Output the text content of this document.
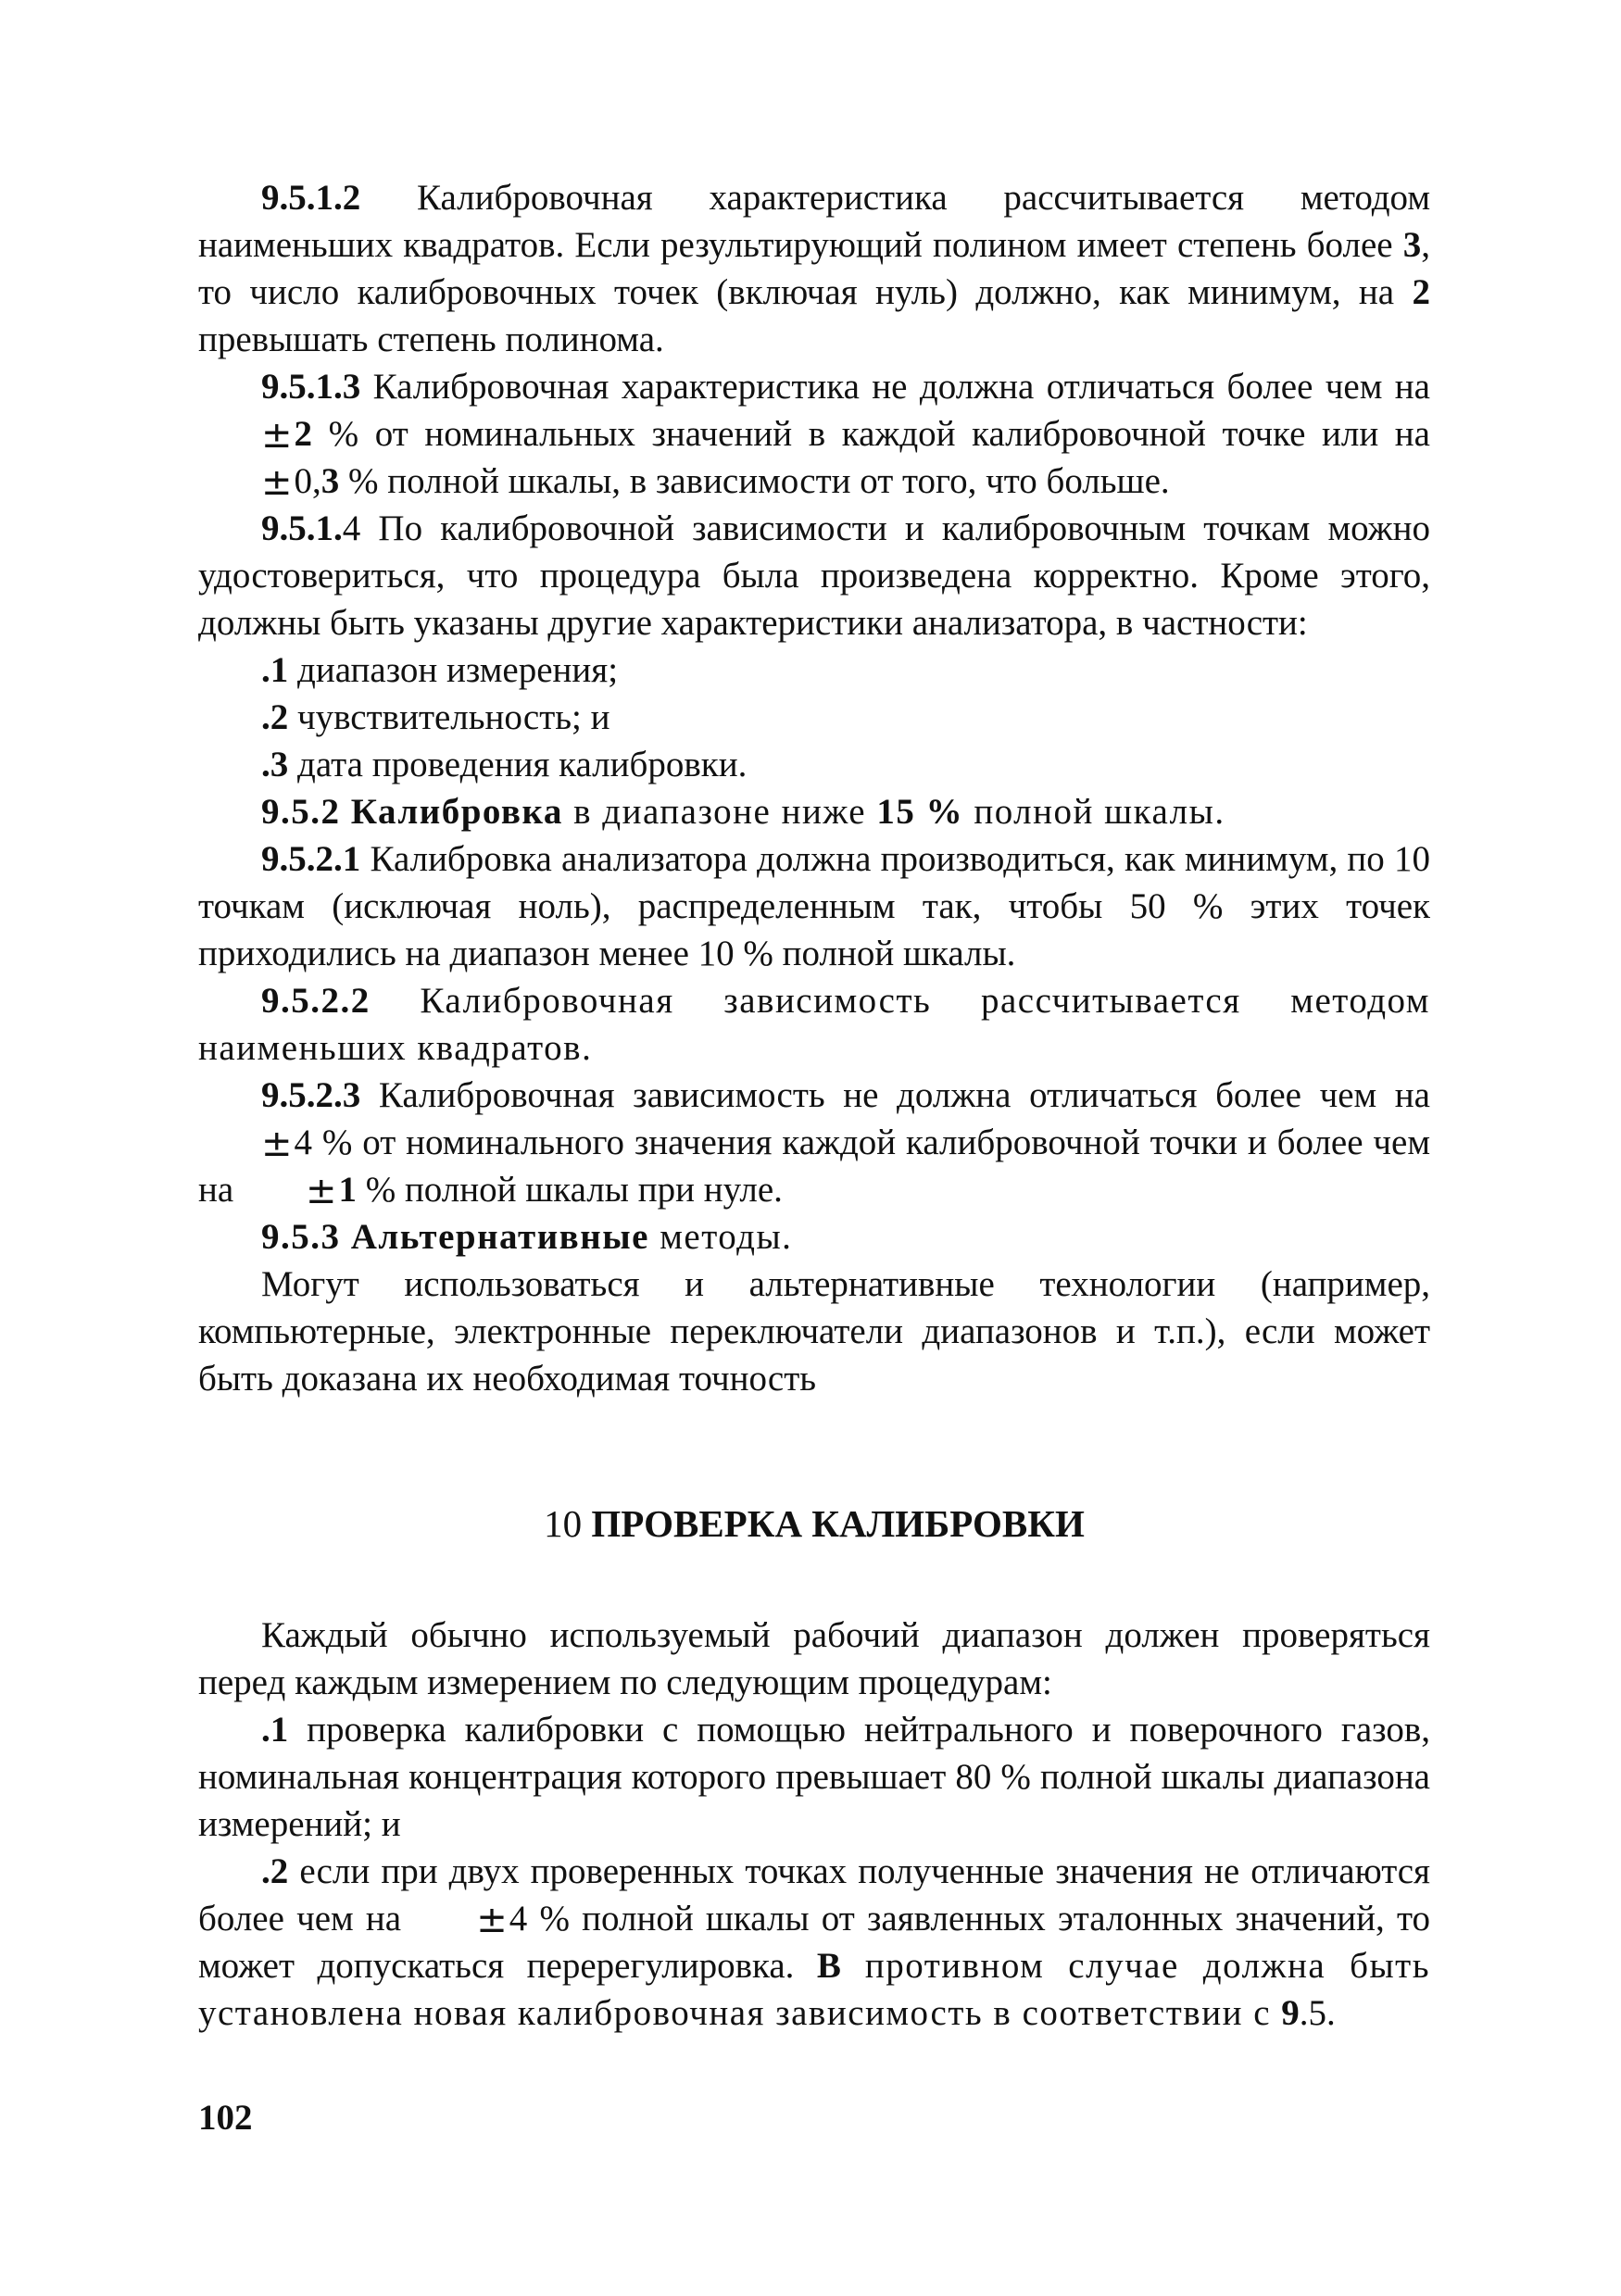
9.5.1.2 Калибровочная характеристика рассчитывается методом наименьших квадратов. Если результирующий полином имеет степень более 3, то число калибровочных точек (включая нуль) должно, как минимум, на 2 превышать степень полинома.

9.5.1.3 Калибровочная характеристика не должна отличаться более чем на ±2 % от номинальных значений в каждой калибровочной точке или на ±0,3 % полной шкалы, в зависимости от того, что больше.

9.5.1.4 По калибровочной зависимости и калибровочным точкам можно удостовериться, что процедура была произведена корректно. Кроме этого, должны быть указаны другие характеристики анализатора, в частности:

.1 диапазон измерения;

.2 чувствительность; и

.3 дата проведения калибровки.

9.5.2 Калибровка в диапазоне ниже 15 % полной шкалы.

9.5.2.1 Калибровка анализатора должна производиться, как минимум, по 10 точкам (исключая ноль), распределенным так, чтобы 50 % этих точек приходились на диапазон менее 10 % полной шкалы.

9.5.2.2 Калибровочная зависимость рассчитывается методом наименьших квадратов.

9.5.2.3 Калибровочная зависимость не должна отличаться более чем на ±4 % от номинального значения каждой калибровочной точки и более чем на ±1 % полной шкалы при нуле.

9.5.3 Альтернативные методы.

Могут использоваться и альтернативные технологии (например, компьютерные, электронные переключатели диапазонов и т.п.), если может быть доказана их необходимая точность

10 ПРОВЕРКА КАЛИБРОВКИ

Каждый обычно используемый рабочий диапазон должен проверяться перед каждым измерением по следующим процедурам:

.1 проверка калибровки с помощью нейтрального и поверочного газов, номинальная концентрация которого превышает 80 % полной шкалы диапазона измерений; и

.2 если при двух проверенных точках полученные значения не отличаются более чем на ±4 % полной шкалы от заявленных эталонных значений, то может допускаться перерегулировка. В противном случае должна быть установлена новая калибровочная зависимость в соответствии с 9.5.

102
